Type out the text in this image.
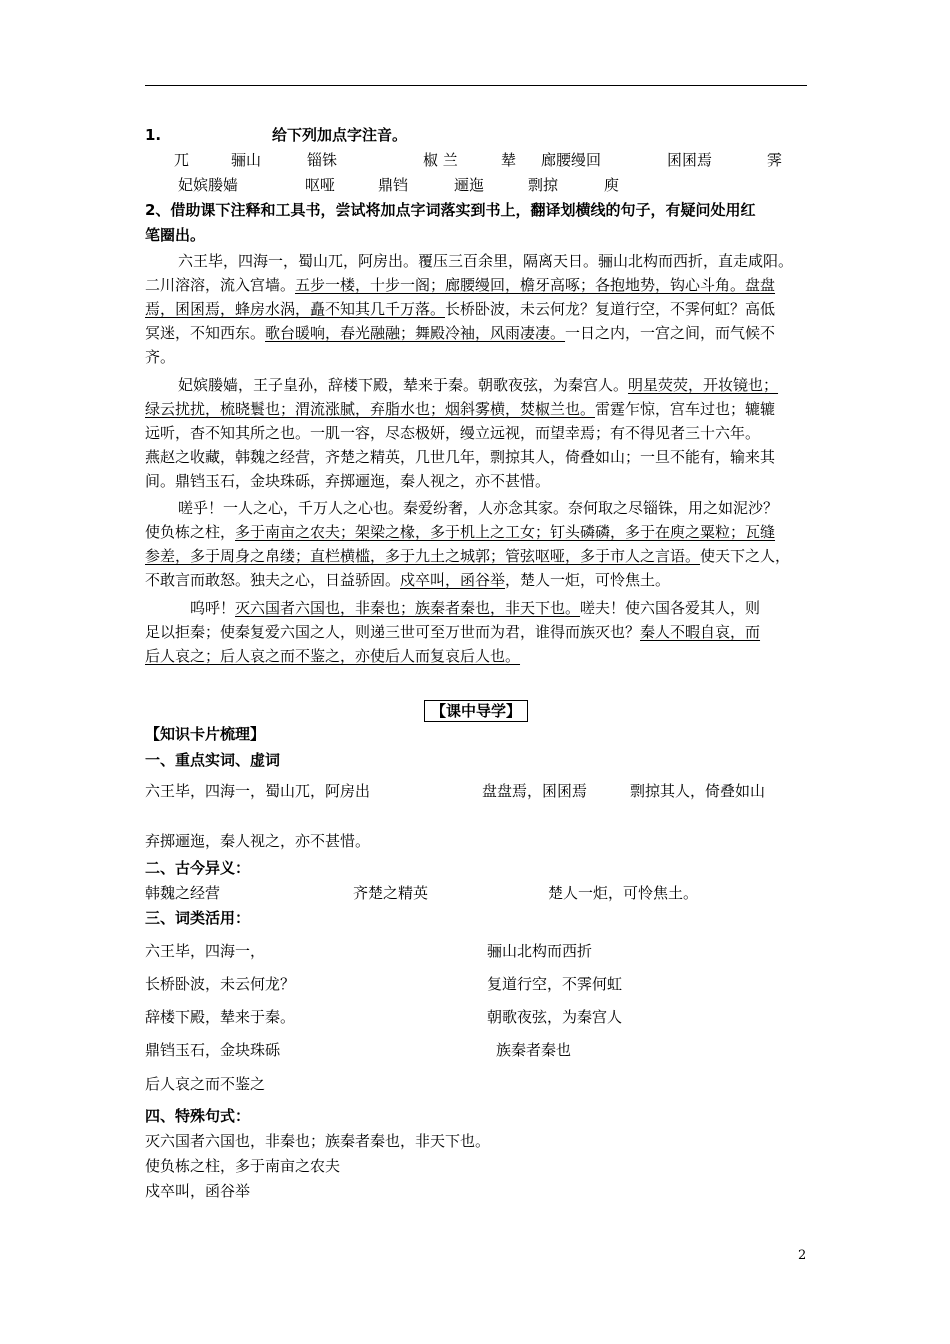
1.	给下列加点字注音。
兀	骊山	锱铢	椒 兰	辇 廊腰缦回	囷囷焉	霁
妃嫔媵嫱	呕哑	鼎铛	逦迤	剽掠	庾
2、借助课下注释和工具书，尝试将加点字词落实到书上，翻译划横线的句子，有疑问处用红
笔圈出。
六王毕，四海一，蜀山兀，阿房出。覆压三百余里，隔离天日。骊山北构而西折，直走咸阳。
二川溶溶，流入宫墙。五步一楼，十步一阁；廊腰缦回，檐牙高啄；各抱地势，钩心斗角。盘盘
焉，囷囷焉，蜂房水涡，矗不知其几千万落。长桥卧波，未云何龙？复道行空，不霁何虹？高低
冥迷，不知西东。歌台暖响，春光融融；舞殿冷袖，风雨凄凄。一日之内，一宫之间，而气候不
齐。
妃嫔媵嫱，王子皇孙，辞楼下殿，辇来于秦。朝歌夜弦，为秦宫人。明星荧荧，开妆镜也；
绿云扰扰，梳晓鬟也；渭流涨腻，弃脂水也；烟斜雾横，焚椒兰也。雷霆乍惊，宫车过也；辘辘
远听，杳不知其所之也。一肌一容，尽态极妍，缦立远视，而望幸焉；有不得见者三十六年。
燕赵之收藏，韩魏之经营，齐楚之精英，几世几年，剽掠其人，倚叠如山；一旦不能有，输来其
间。鼎铛玉石，金块珠砾，弃掷逦迤，秦人视之，亦不甚惜。
嗟乎！一人之心，千万人之心也。秦爱纷奢，人亦念其家。奈何取之尽锱铢，用之如泥沙？
使负栋之柱，多于南亩之农夫；架梁之椽，多于机上之工女；钉头磷磷，多于在庾之粟粒；瓦缝
参差，多于周身之帛缕；直栏横槛，多于九土之城郭；管弦呕哑，多于市人之言语。使天下之人，
不敢言而敢怒。独夫之心，日益骄固。戍卒叫，函谷举，楚人一炬，可怜焦土。
呜呼！灭六国者六国也，非秦也；族秦者秦也，非天下也。嗟夫！使六国各爱其人，则
足以拒秦；使秦复爱六国之人，则递三世可至万世而为君，谁得而族灭也？秦人不暇自哀，而
后人哀之；后人哀之而不鉴之，亦使后人而复哀后人也。
【课中导学】
【知识卡片梳理】
一、重点实词、虚词
六王毕，四海一，蜀山兀，阿房出	盘盘焉，囷囷焉	剽掠其人，倚叠如山
弃掷逦迤，秦人视之，亦不甚惜。
二、古今异义：
韩魏之经营	齐楚之精英	楚人一炬，可怜焦土。
三、词类活用：
六王毕，四海一，	骊山北构而西折
长桥卧波，未云何龙？	复道行空，不霁何虹
辞楼下殿，辇来于秦。	朝歌夜弦，为秦宫人
鼎铛玉石，金块珠砾	族秦者秦也
后人哀之而不鉴之
四、特殊句式：
灭六国者六国也，非秦也；族秦者秦也，非天下也。
使负栋之柱，多于南亩之农夫
戍卒叫，函谷举
2
